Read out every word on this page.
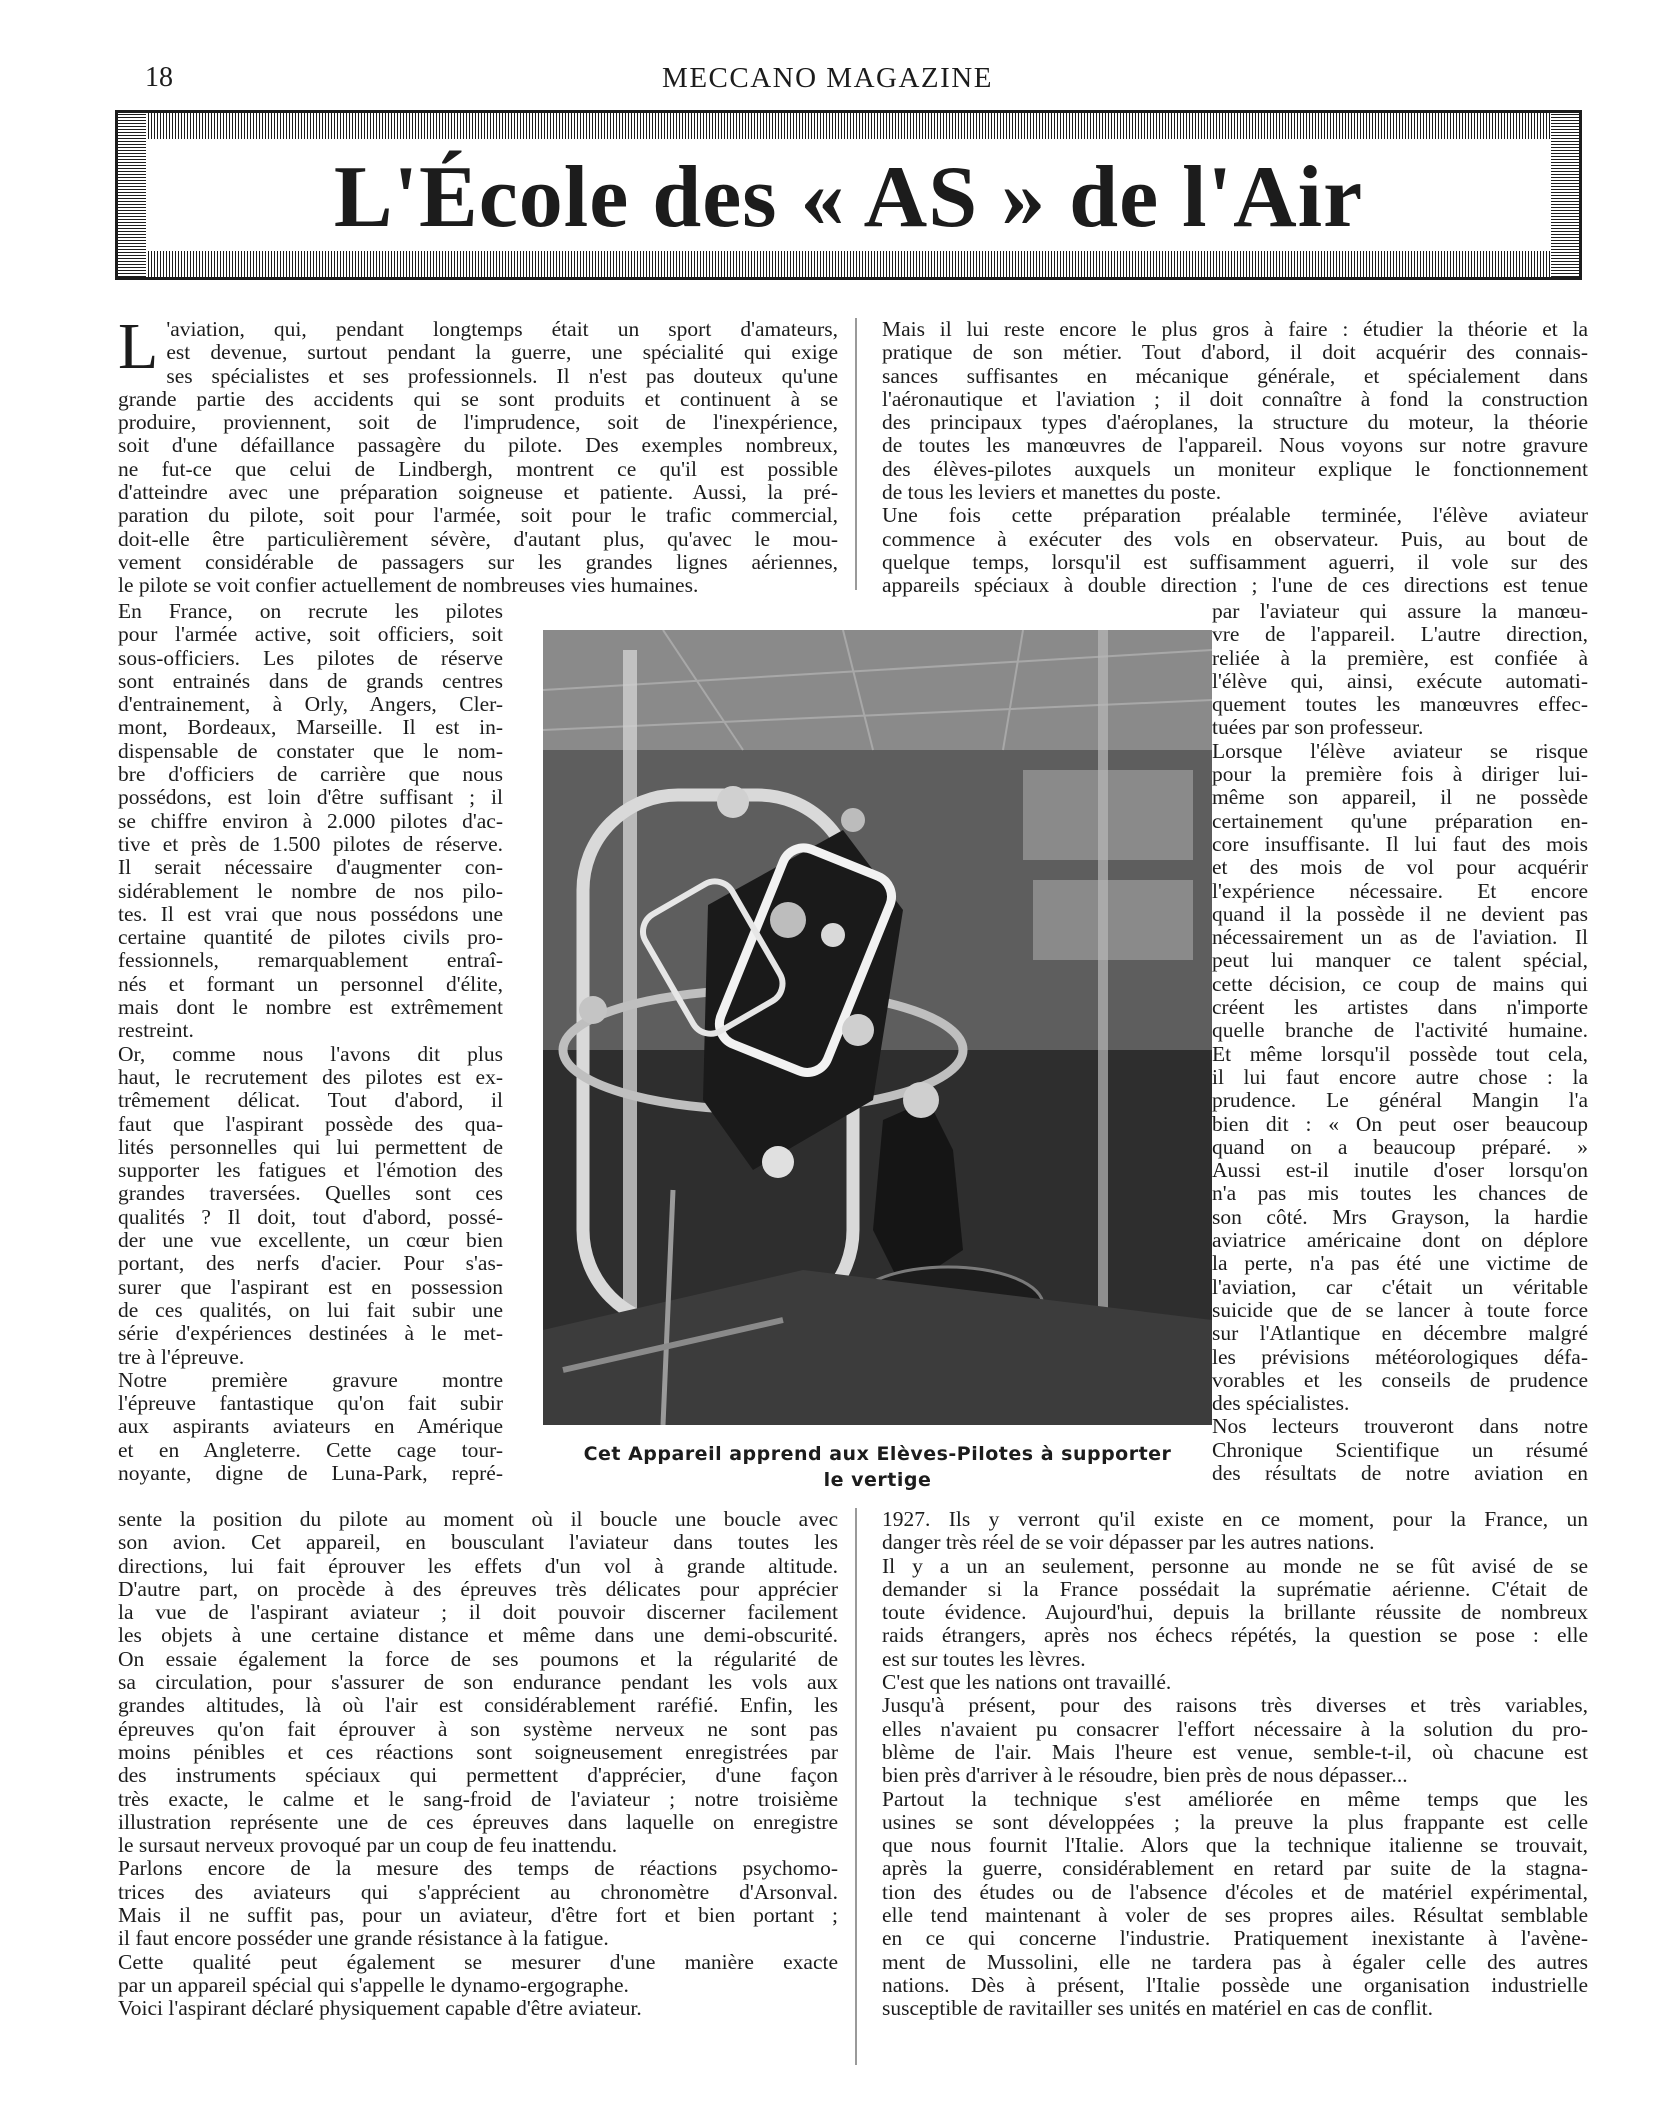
18	MECCANO MAGAZINE
L'École des « AS » de l'Air
L 'aviation, qui, pendant longtemps était un sport d'amateurs,

est devenue, surtout pendant la guerre, une spécialité qui exige

ses spécialistes et ses professionnels. Il n'est pas douteux qu'une

grande partie des accidents qui se sont produits et continuent à se

produire, proviennent, soit de l'imprudence, soit de l'inexpérience,

soit d'une défaillance passagère du pilote. Des exemples nombreux,

ne fut-ce que celui de Lindbergh, montrent ce qu'il est possible

d'atteindre avec une préparation soigneuse et patiente. Aussi, la pré-

paration du pilote, soit pour l'armée, soit pour le trafic commercial,

doit-elle être particulièrement sévère, d'autant plus, qu'avec le mou-

vement considérable de passagers sur les grandes lignes aériennes,

le pilote se voit confier actuellement de nombreuses vies humaines.

En France, on recrute les pilotes

pour l'armée active, soit officiers, soit

sous-officiers. Les pilotes de réserve

sont entrainés dans de grands centres

d'entrainement, à Orly, Angers, Cler-

mont, Bordeaux, Marseille. Il est in-

dispensable de constater que le nom-

bre d'officiers de carrière que nous

possédons, est loin d'être suffisant ; il

se chiffre environ à 2.000 pilotes d'ac-

tive et près de 1.500 pilotes de réserve.

Il serait nécessaire d'augmenter con-

sidérablement le nombre de nos pilo-

tes. Il est vrai que nous possédons une

certaine quantité de pilotes civils pro-

fessionnels, remarquablement entraî-

nés et formant un personnel d'élite,

mais dont le nombre est extrêmement

restreint.

Or, comme nous l'avons dit plus

haut, le recrutement des pilotes est ex-

trêmement délicat. Tout d'abord, il

faut que l'aspirant possède des qua-

lités personnelles qui lui permettent de

supporter les fatigues et l'émotion des

grandes traversées. Quelles sont ces

qualités ? Il doit, tout d'abord, possé-

der une vue excellente, un cœur bien

portant, des nerfs d'acier. Pour s'as-

surer que l'aspirant est en possession

de ces qualités, on lui fait subir une

série d'expériences destinées à le met-

tre à l'épreuve.

Notre première gravure montre

l'épreuve fantastique qu'on fait subir

aux aspirants aviateurs en Amérique

et en Angleterre. Cette cage tour-

noyante, digne de Luna-Park, repré-

sente la position du pilote au moment où il boucle une boucle avec

son avion. Cet appareil, en bousculant l'aviateur dans toutes les

directions, lui fait éprouver les effets d'un vol à grande altitude.

D'autre part, on procède à des épreuves très délicates pour apprécier

la vue de l'aspirant aviateur ; il doit pouvoir discerner facilement

les objets à une certaine distance et même dans une demi-obscurité.

On essaie également la force de ses poumons et la régularité de

sa circulation, pour s'assurer de son endurance pendant les vols aux

grandes altitudes, là où l'air est considérablement raréfié. Enfin, les

épreuves qu'on fait éprouver à son système nerveux ne sont pas

moins pénibles et ces réactions sont soigneusement enregistrées par

des instruments spéciaux qui permettent d'apprécier, d'une façon

très exacte, le calme et le sang-froid de l'aviateur ; notre troisième

illustration représente une de ces épreuves dans laquelle on enregistre

le sursaut nerveux provoqué par un coup de feu inattendu.

Parlons encore de la mesure des temps de réactions psychomo-

trices des aviateurs qui s'apprécient au chronomètre d'Arsonval.

Mais il ne suffit pas, pour un aviateur, d'être fort et bien portant ;

il faut encore posséder une grande résistance à la fatigue.

Cette qualité peut également se mesurer d'une manière exacte

par un appareil spécial qui s'appelle le dynamo-ergographe.

Voici l'aspirant déclaré physiquement capable d'être aviateur.

Mais il lui reste encore le plus gros à faire : étudier la théorie et la

pratique de son métier. Tout d'abord, il doit acquérir des connais-

sances suffisantes en mécanique générale, et spécialement dans

l'aéronautique et l'aviation ; il doit connaître à fond la construction

des principaux types d'aéroplanes, la structure du moteur, la théorie

de toutes les manœuvres de l'appareil. Nous voyons sur notre gravure

des élèves-pilotes auxquels un moniteur explique le fonctionnement

de tous les leviers et manettes du poste.

Une fois cette préparation préalable terminée, l'élève aviateur

commence à exécuter des vols en observateur. Puis, au bout de

quelque temps, lorsqu'il est suffisamment aguerri, il vole sur des

appareils spéciaux à double direction ; l'une de ces directions est tenue

par l'aviateur qui assure la manœu-

vre de l'appareil. L'autre direction,

reliée à la première, est confiée à

l'élève qui, ainsi, exécute automati-

quement toutes les manœuvres effec-

tuées par son professeur.

Lorsque l'élève aviateur se risque

pour la première fois à diriger lui-

même son appareil, il ne possède

certainement qu'une préparation en-

core insuffisante. Il lui faut des mois

et des mois de vol pour acquérir

l'expérience nécessaire. Et encore

quand il la possède il ne devient pas

nécessairement un as de l'aviation. Il

peut lui manquer ce talent spécial,

cette décision, ce coup de mains qui

créent les artistes dans n'importe

quelle branche de l'activité humaine.

Et même lorsqu'il possède tout cela,

il lui faut encore autre chose : la

prudence. Le général Mangin l'a

bien dit : « On peut oser beaucoup

quand on a beaucoup préparé. »

Aussi est-il inutile d'oser lorsqu'on

n'a pas mis toutes les chances de

son côté. Mrs Grayson, la hardie

aviatrice américaine dont on déplore

la perte, n'a pas été une victime de

l'aviation, car c'était un véritable

suicide que de se lancer à toute force

sur l'Atlantique en décembre malgré

les prévisions météorologiques défa-

vorables et les conseils de prudence

des spécialistes.

Nos lecteurs trouveront dans notre

Chronique Scientifique un résumé

des résultats de notre aviation en

1927. Ils y verront qu'il existe en ce moment, pour la France, un

danger très réel de se voir dépasser par les autres nations.

Il y a un an seulement, personne au monde ne se fût avisé de se

demander si la France possédait la suprématie aérienne. C'était de

toute évidence. Aujourd'hui, depuis la brillante réussite de nombreux

raids étrangers, après nos échecs répétés, la question se pose : elle

est sur toutes les lèvres.

C'est que les nations ont travaillé.

Jusqu'à présent, pour des raisons très diverses et très variables,

elles n'avaient pu consacrer l'effort nécessaire à la solution du pro-

blème de l'air. Mais l'heure est venue, semble-t-il, où chacune est

bien près d'arriver à le résoudre, bien près de nous dépasser...

Partout la technique s'est améliorée en même temps que les

usines se sont développées ; la preuve la plus frappante est celle

que nous fournit l'Italie. Alors que la technique italienne se trouvait,

après la guerre, considérablement en retard par suite de la stagna-

tion des études ou de l'absence d'écoles et de matériel expérimental,

elle tend maintenant à voler de ses propres ailes. Résultat semblable

en ce qui concerne l'industrie. Pratiquement inexistante à l'avène-

ment de Mussolini, elle ne tardera pas à égaler celle des autres

nations. Dès à présent, l'Italie possède une organisation industrielle

susceptible de ravitailler ses unités en matériel en cas de conflit.

Cet Appareil apprend aux Elèves-Pilotes à supporter
le vertige
